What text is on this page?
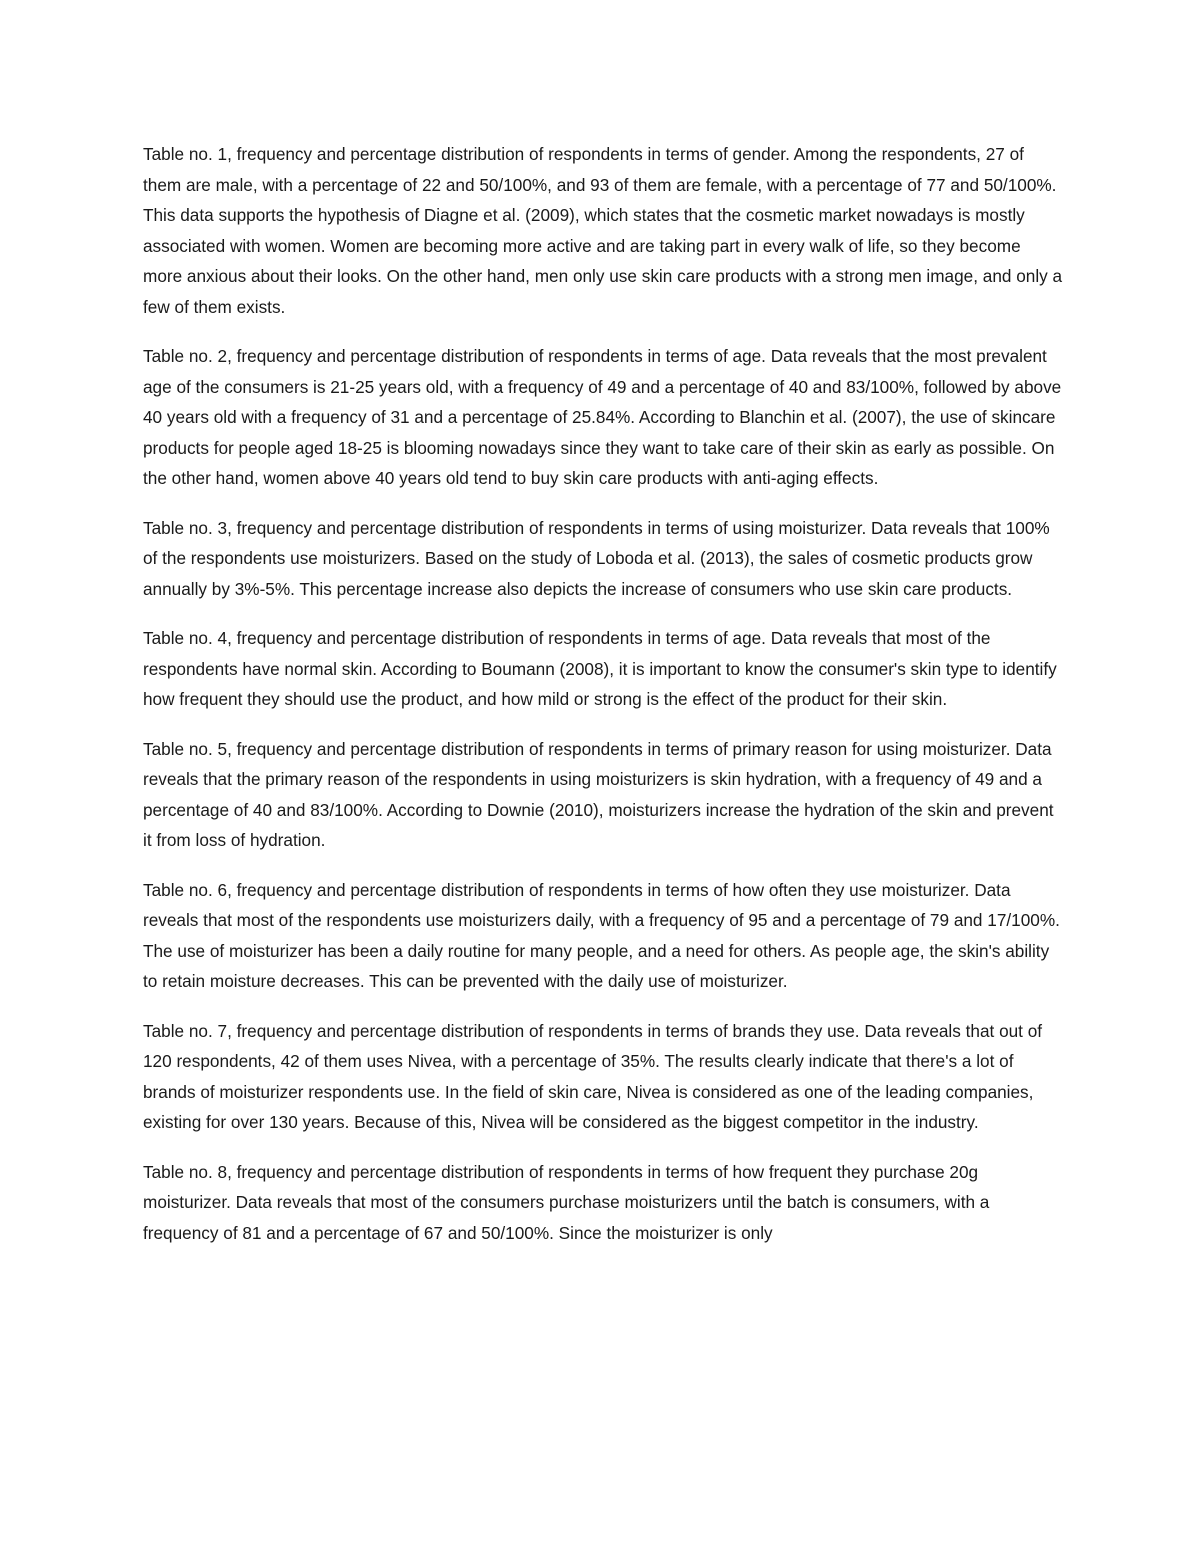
Table no. 1, frequency and percentage distribution of respondents in terms of gender. Among the respondents, 27 of them are male, with a percentage of 22 and 50/100%, and 93 of them are female, with a percentage of 77 and 50/100%. This data supports the hypothesis of Diagne et al. (2009), which states that the cosmetic market nowadays is mostly associated with women. Women are becoming more active and are taking part in every walk of life, so they become more anxious about their looks. On the other hand, men only use skin care products with a strong men image, and only a few of them exists.

Table no. 2, frequency and percentage distribution of respondents in terms of age. Data reveals that the most prevalent age of the consumers is 21-25 years old, with a frequency of 49 and a percentage of 40 and 83/100%, followed by above 40 years old with a frequency of 31 and a percentage of 25.84%. According to Blanchin et al. (2007), the use of skincare products for people aged 18-25 is blooming nowadays since they want to take care of their skin as early as possible. On the other hand, women above 40 years old tend to buy skin care products with anti-aging effects.

Table no. 3, frequency and percentage distribution of respondents in terms of using moisturizer. Data reveals that 100% of the respondents use moisturizers. Based on the study of Loboda et al. (2013), the sales of cosmetic products grow annually by 3%-5%. This percentage increase also depicts the increase of consumers who use skin care products.

Table no. 4, frequency and percentage distribution of respondents in terms of age. Data reveals that most of the respondents have normal skin. According to Boumann (2008), it is important to know the consumer's skin type to identify how frequent they should use the product, and how mild or strong is the effect of the product for their skin.

Table no. 5, frequency and percentage distribution of respondents in terms of primary reason for using moisturizer. Data reveals that the primary reason of the respondents in using moisturizers is skin hydration, with a frequency of 49 and a percentage of 40 and 83/100%. According to Downie (2010), moisturizers increase the hydration of the skin and prevent it from loss of hydration.

Table no. 6, frequency and percentage distribution of respondents in terms of how often they use moisturizer. Data reveals that most of the respondents use moisturizers daily, with a frequency of 95 and a percentage of 79 and 17/100%. The use of moisturizer has been a daily routine for many people, and a need for others. As people age, the skin's ability to retain moisture decreases. This can be prevented with the daily use of moisturizer.

Table no. 7, frequency and percentage distribution of respondents in terms of brands they use. Data reveals that out of 120 respondents, 42 of them uses Nivea, with a percentage of 35%. The results clearly indicate that there's a lot of brands of moisturizer respondents use. In the field of skin care, Nivea is considered as one of the leading companies, existing for over 130 years. Because of this, Nivea will be considered as the biggest competitor in the industry.

Table no. 8, frequency and percentage distribution of respondents in terms of how frequent they purchase 20g moisturizer. Data reveals that most of the consumers purchase moisturizers until the batch is consumers, with a frequency of 81 and a percentage of 67 and 50/100%. Since the moisturizer is only
